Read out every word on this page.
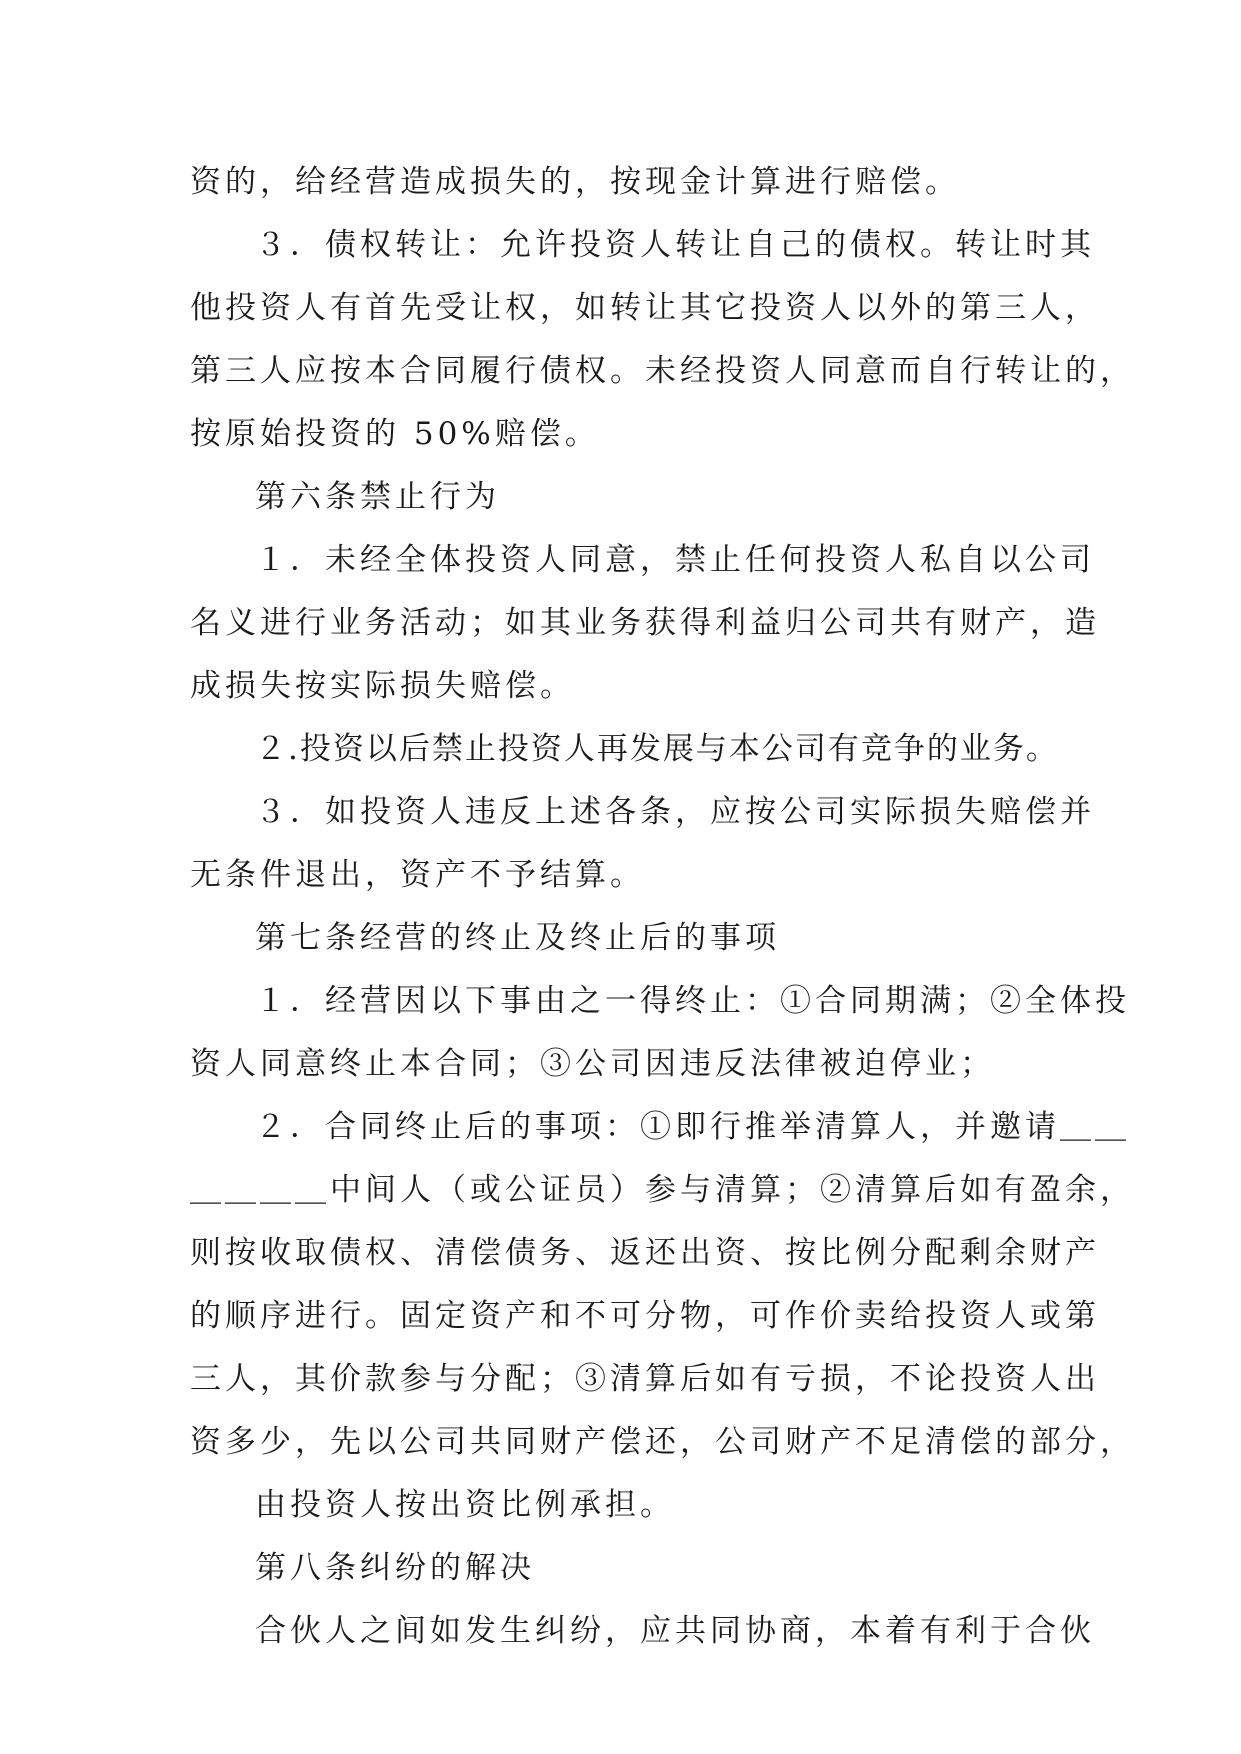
资的，给经营造成损失的，按现金计算进行赔偿。
３．债权转让：允许投资人转让自己的债权。转让时其
他投资人有首先受让权，如转让其它投资人以外的第三人，
第三人应按本合同履行债权。未经投资人同意而自行转让的，
按原始投资的 50%赔偿。
第六条禁止行为
１．未经全体投资人同意，禁止任何投资人私自以公司
名义进行业务活动；如其业务获得利益归公司共有财产，造
成损失按实际损失赔偿。
２.投资以后禁止投资人再发展与本公司有竞争的业务。
３．如投资人违反上述各条，应按公司实际损失赔偿并
无条件退出，资产不予结算。
第七条经营的终止及终止后的事项
１．经营因以下事由之一得终止：①合同期满；②全体投
资人同意终止本合同；③公司因违反法律被迫停业；
２．合同终止后的事项：①即行推举清算人，并邀请＿＿
＿＿＿＿中间人（或公证员）参与清算；②清算后如有盈余，
则按收取债权、清偿债务、返还出资、按比例分配剩余财产
的顺序进行。固定资产和不可分物，可作价卖给投资人或第
三人，其价款参与分配；③清算后如有亏损，不论投资人出
资多少，先以公司共同财产偿还，公司财产不足清偿的部分，
由投资人按出资比例承担。
第八条纠纷的解决
合伙人之间如发生纠纷，应共同协商，本着有利于合伙
